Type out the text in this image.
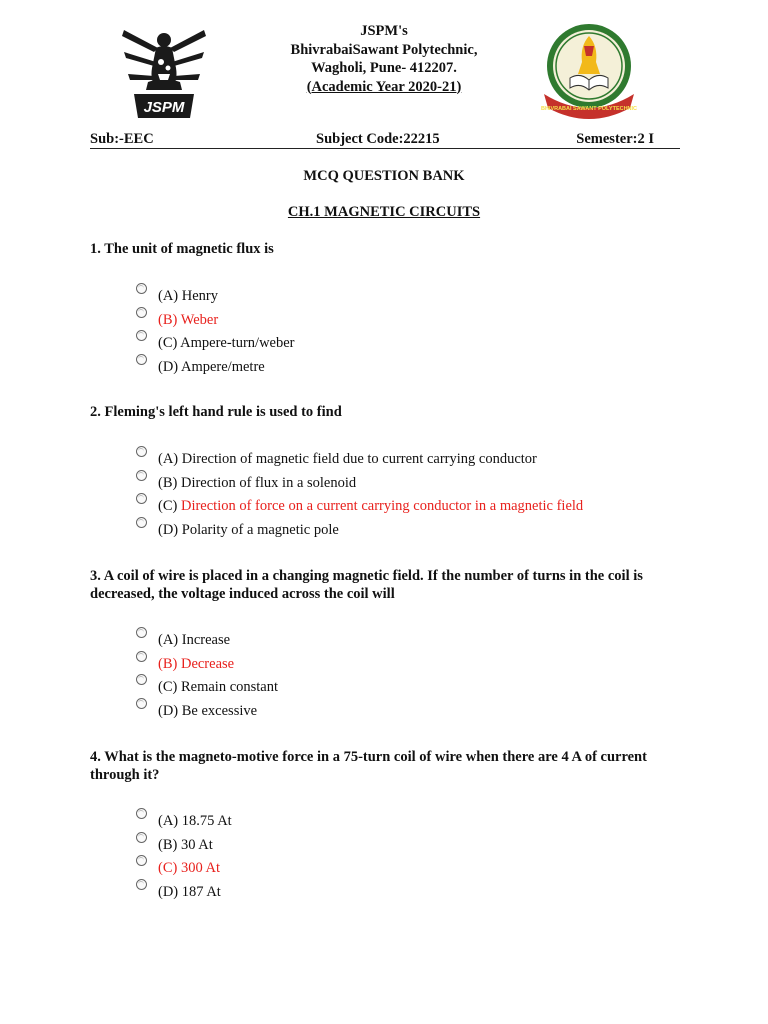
JSPM
JSPM's
BhivrabaiSawant Polytechnic,
Wagholi, Pune- 412207.
(Academic Year 2020-21)
BHIVRABAI SAWANT POLYTECHNIC
Sub:-EEC	Subject Code:22215	Semester:2 I
MCQ QUESTION BANK
CH.1 MAGNETIC CIRCUITS
1. The unit of magnetic flux is
(A) Henry
(B) Weber
(C) Ampere-turn/weber
(D) Ampere/metre
2. Fleming's left hand rule is used to find
(A) Direction of magnetic field due to current carrying conductor
(B) Direction of flux in a solenoid
(C) Direction of force on a current carrying conductor in a magnetic field
(D) Polarity of a magnetic pole
3. A coil of wire is placed in a changing magnetic field. If the number of turns in the coil is decreased, the voltage induced across the coil will
(A) Increase
(B) Decrease
(C) Remain constant
(D) Be excessive
4. What is the magneto-motive force in a 75-turn coil of wire when there are 4 A of current through it?
(A) 18.75 At
(B) 30 At
(C) 300 At
(D) 187 At
